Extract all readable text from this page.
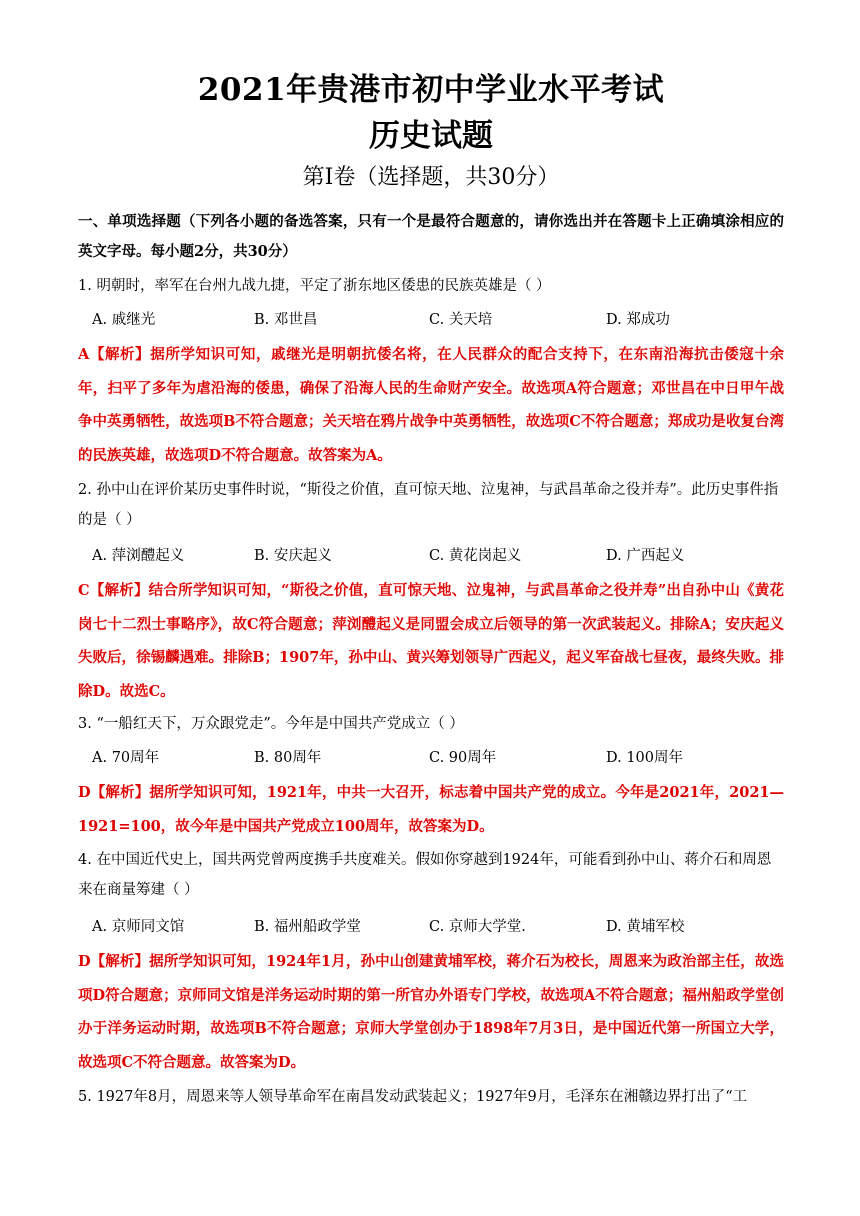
2021年贵港市初中学业水平考试
历史试题
第I卷（选择题，共30分）
一、单项选择题（下列各小题的备选答案，只有一个是最符合题意的，请你选出并在答题卡上正确填涂相应的英文字母。每小题2分，共30分）
1. 明朝时，率军在台州九战九捷，平定了浙东地区倭患的民族英雄是（ ）
A. 戚继光	B. 邓世昌	C. 关天培	D. 郑成功
A【解析】据所学知识可知，戚继光是明朝抗倭名将，在人民群众的配合支持下，在东南沿海抗击倭寇十余年，扫平了多年为虐沿海的倭患，确保了沿海人民的生命财产安全。故选项A符合题意；邓世昌在中日甲午战争中英勇牺牲，故选项B不符合题意；关天培在鸦片战争中英勇牺牲，故选项C不符合题意；郑成功是收复台湾的民族英雄，故选项D不符合题意。故答案为A。
2. 孙中山在评价某历史事件时说，“斯役之价值，直可惊天地、泣鬼神，与武昌革命之役并寿”。此历史事件指的是（ ）
A. 萍浏醴起义	B. 安庆起义	C. 黄花岗起义	D. 广西起义
C【解析】结合所学知识可知，“斯役之价值，直可惊天地、泣鬼神，与武昌革命之役并寿”出自孙中山《黄花岗七十二烈士事略序》，故C符合题意；萍浏醴起义是同盟会成立后领导的第一次武装起义。排除A；安庆起义失败后，徐锡麟遇难。排除B；1907年，孙中山、黄兴筹划领导广西起义，起义军奋战七昼夜，最终失败。排除D。故选C。
3. “一船红天下，万众跟党走”。今年是中国共产党成立（ ）
A. 70周年	B. 80周年	C. 90周年	D. 100周年
D【解析】据所学知识可知，1921年，中共一大召开，标志着中国共产党的成立。今年是2021年，2021—1921=100，故今年是中国共产党成立100周年，故答案为D。
4. 在中国近代史上，国共两党曾两度携手共度难关。假如你穿越到1924年，可能看到孙中山、蒋介石和周恩来在商量筹建（ ）
A. 京师同文馆	B. 福州船政学堂	C. 京师大学堂.	D. 黄埔军校
D【解析】据所学知识可知，1924年1月，孙中山创建黄埔军校，蒋介石为校长，周恩来为政治部主任，故选项D符合题意；京师同文馆是洋务运动时期的第一所官办外语专门学校，故选项A不符合题意；福州船政学堂创办于洋务运动时期，故选项B不符合题意；京师大学堂创办于1898年7月3日，是中国近代第一所国立大学，故选项C不符合题意。故答案为D。
5. 1927年8月，周恩来等人领导革命军在南昌发动武装起义；1927年9月，毛泽东在湘赣边界打出了“工
